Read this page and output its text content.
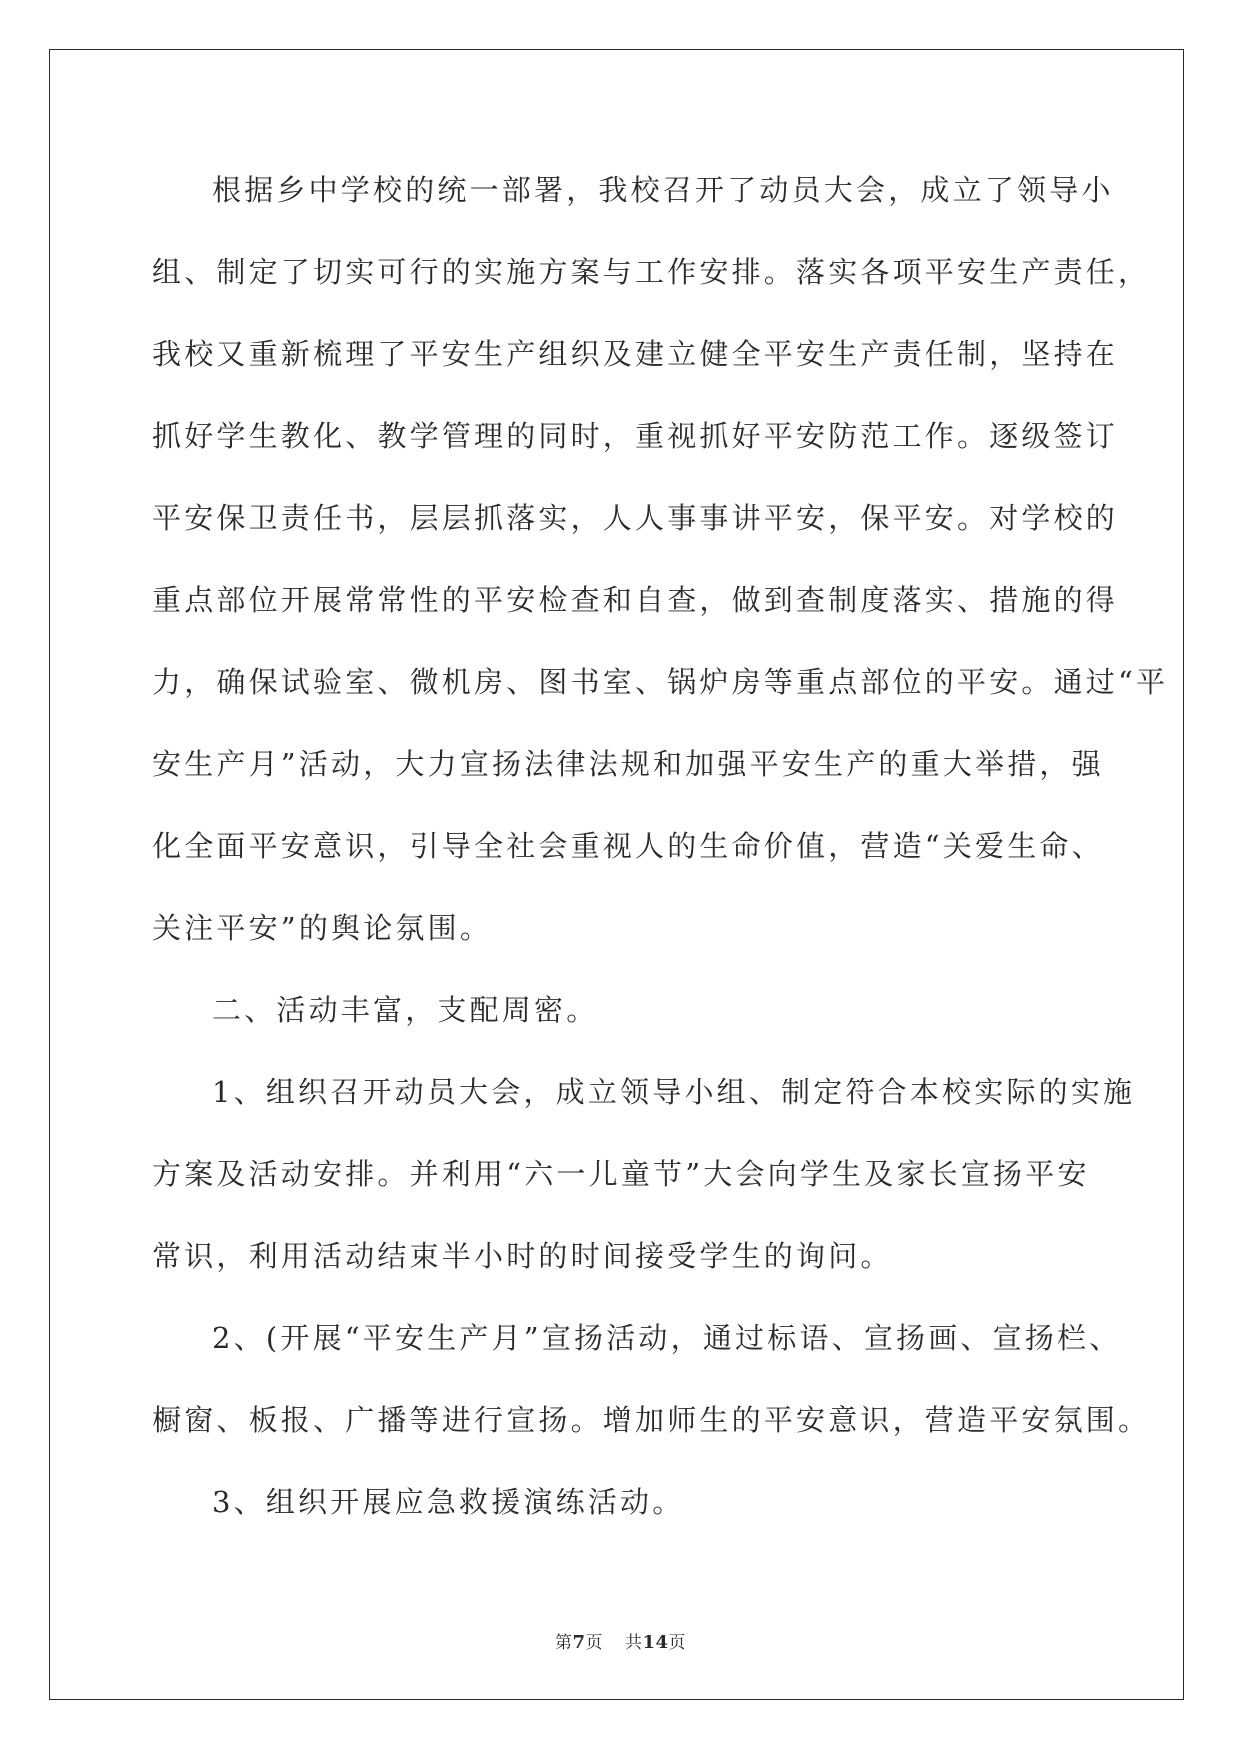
根据乡中学校的统一部署，我校召开了动员大会，成立了领导小
组、制定了切实可行的实施方案与工作安排。落实各项平安生产责任，
我校又重新梳理了平安生产组织及建立健全平安生产责任制，坚持在
抓好学生教化、教学管理的同时，重视抓好平安防范工作。逐级签订
平安保卫责任书，层层抓落实，人人事事讲平安，保平安。对学校的
重点部位开展常常性的平安检查和自查，做到查制度落实、措施的得
力，确保试验室、微机房、图书室、锅炉房等重点部位的平安。通过“平
安生产月”活动，大力宣扬法律法规和加强平安生产的重大举措，强
化全面平安意识，引导全社会重视人的生命价值，营造“关爱生命、
关注平安”的舆论氛围。
二、活动丰富，支配周密。
1、组织召开动员大会，成立领导小组、制定符合本校实际的实施
方案及活动安排。并利用“六一儿童节”大会向学生及家长宣扬平安
常识，利用活动结束半小时的时间接受学生的询问。
2、(开展“平安生产月”宣扬活动，通过标语、宣扬画、宣扬栏、
橱窗、板报、广播等进行宣扬。增加师生的平安意识，营造平安氛围。
3、组织开展应急救援演练活动。
第7页 共14页
